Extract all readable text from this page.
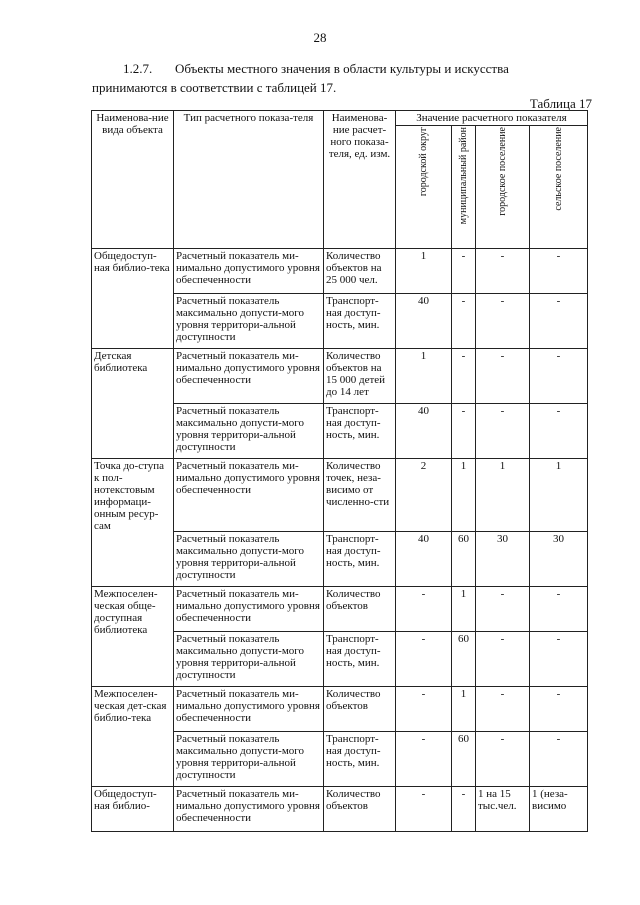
28
1.2.7. Объекты местного значения в области культуры и искусства
принимаются в соответствии с таблицей 17.
Таблица 17
Наименова-ние вида объекта	Тип расчетного показа-теля	Наименова-ние расчет-ного показа-теля, ед. изм.	Значение расчетного показателя			

			городской округ	муниципальный район	городское поселение	сельское поселение

Общедоступ-ная библио-тека	Расчетный показатель ми-нимально допустимого уровня обеспеченности	Количество объектов на 25 000 чел.	1	-	-	-
	Расчетный показатель максимально допусти-мого уровня территори-альной доступности	Транспорт-ная доступ-ность, мин.	40	-	-	-
Детская библиотека	Расчетный показатель ми-нимально допустимого уровня обеспеченности	Количество объектов на 15 000 детей до 14 лет	1	-	-	-
	Расчетный показатель максимально допусти-мого уровня территори-альной доступности	Транспорт-ная доступ-ность, мин.	40	-	-	-
Точка до-ступа к пол-нотекстовым информаци-онным ресур-сам	Расчетный показатель ми-нимально допустимого уровня обеспеченности	Количество точек, неза-висимо от численно-сти	2	1	1	1
	Расчетный показатель максимально допусти-мого уровня территори-альной доступности	Транспорт-ная доступ-ность, мин.	40	60	30	30
Межпоселен-ческая обще-доступная библиотека	Расчетный показатель ми-нимально допустимого уровня обеспеченности	Количество объектов	-	1	-	-
	Расчетный показатель максимально допусти-мого уровня территори-альной доступности	Транспорт-ная доступ-ность, мин.	-	60	-	-
Межпоселен-ческая дет-ская библио-тека	Расчетный показатель ми-нимально допустимого уровня обеспеченности	Количество объектов	-	1	-	-
	Расчетный показатель максимально допусти-мого уровня территори-альной доступности	Транспорт-ная доступ-ность, мин.	-	60	-	-
Общедоступ-ная библио-	Расчетный показатель ми-нимально допустимого уровня обеспеченности	Количество объектов	-	-	1 на 15 тыс.чел.	1 (неза-висимо
